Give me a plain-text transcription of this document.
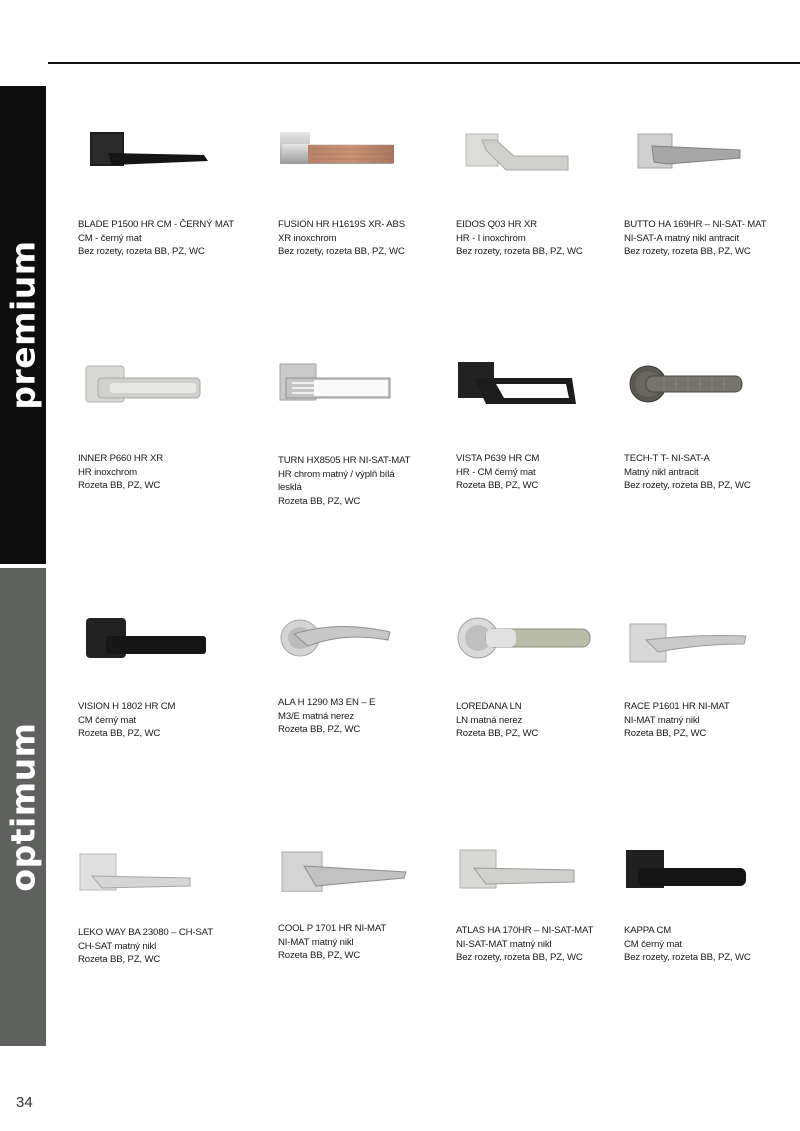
premium
optimum
BLADE P1500 HR CM - ČERNÝ MAT
CM - černý mat
Bez rozety, rozeta BB, PZ, WC
FUSION HR H1619S XR- ABS
XR inoxchrom
Bez rozety, rozeta BB, PZ, WC
EIDOS Q03 HR XR
HR - I inoxchrom
Bez rozety, rozeta BB, PZ, WC
BUTTO HA 169HR – NI-SAT- MAT
NI-SAT-A matný nikl antracit
Bez rozety, rozeta BB, PZ, WC
INNER P660 HR XR
HR inoxchrom
Rozeta BB, PZ, WC
TURN HX8505 HR NI-SAT-MAT
HR chrom matný / výplň bílá lesklá
Rozeta BB, PZ, WC
VISTA P639 HR CM
HR - CM černý mat
Rozeta BB, PZ, WC
TECH-T T- NI-SAT-A
Matný nikl antracit
Bez rozety, rozeta BB, PZ, WC
VISION H 1802 HR CM
CM černý mat
Rozeta BB, PZ, WC
ALA H 1290 M3 EN – E
M3/E matná nerez
Rozeta BB, PZ, WC
LOREDANA LN
LN matná nerez
Rozeta BB, PZ, WC
RACE P1601 HR NI-MAT
NI-MAT matný nikl
Rozeta BB, PZ, WC
LEKO WAY BA 23080 – CH-SAT
CH-SAT matný nikl
Rozeta BB, PZ, WC
COOL P 1701 HR NI-MAT
NI-MAT matný nikl
Rozeta BB, PZ, WC
ATLAS HA 170HR – NI-SAT-MAT
NI-SAT-MAT matný nikl
Bez rozety, rozeta BB, PZ, WC
KAPPA CM
CM černý mat
Bez rozety, rozeta BB, PZ, WC
34
